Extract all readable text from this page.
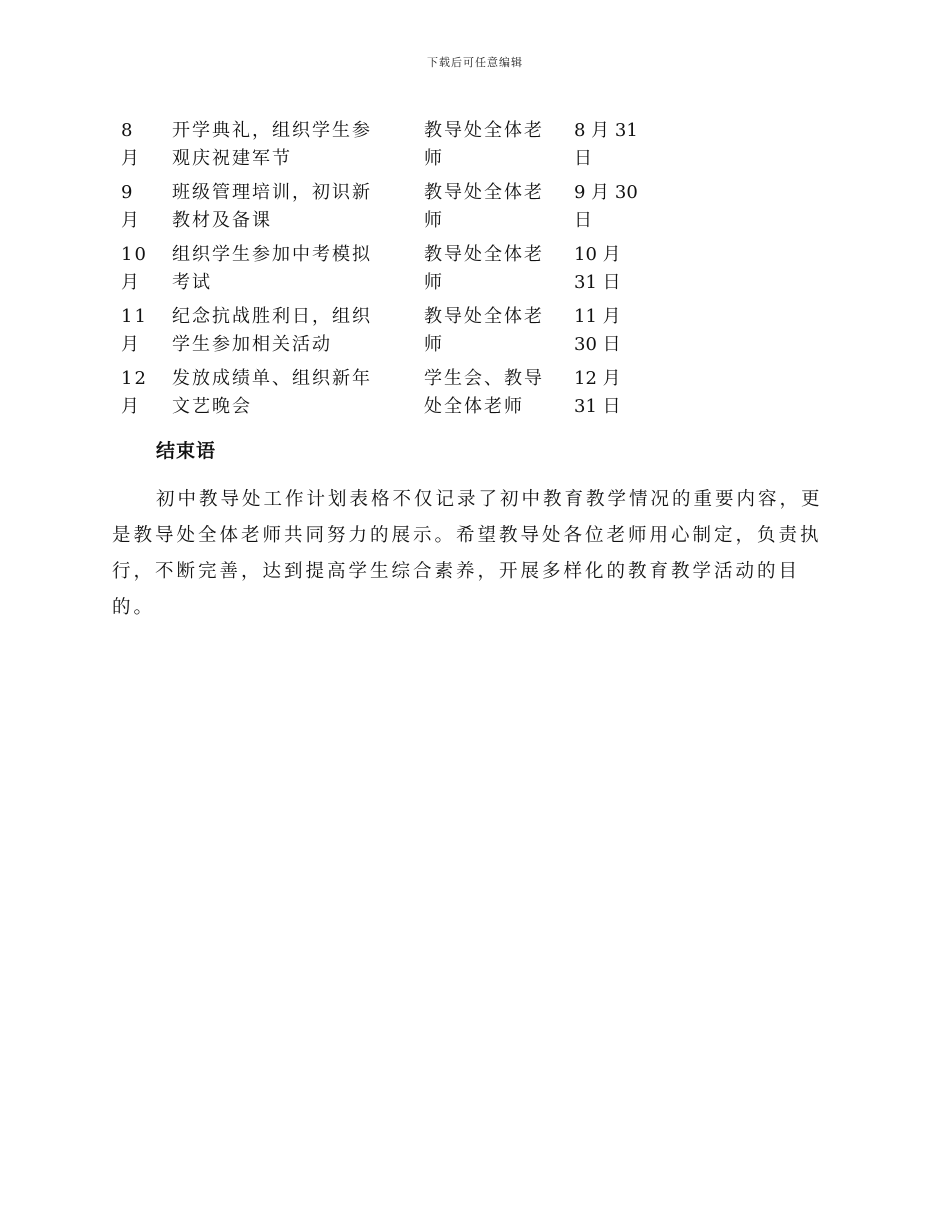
下载后可任意编辑
8
月
开学典礼，组织学生参
观庆祝建军节
教导处全体老
师
8 月 31
日
9
月
班级管理培训，初识新
教材及备课
教导处全体老
师
9 月 30
日
10
月
组织学生参加中考模拟
考试
教导处全体老
师
10 月
31 日
11
月
纪念抗战胜利日，组织
学生参加相关活动
教导处全体老
师
11 月
30 日
12
月
发放成绩单、组织新年
文艺晚会
学生会、教导
处全体老师
12 月
31 日
结束语

初中教导处工作计划表格不仅记录了初中教育教学情况的重要内容，更是教导处全体老师共同努力的展示。希望教导处各位老师用心制定，负责执行，不断完善，达到提高学生综合素养，开展多样化的教育教学活动的目的。
